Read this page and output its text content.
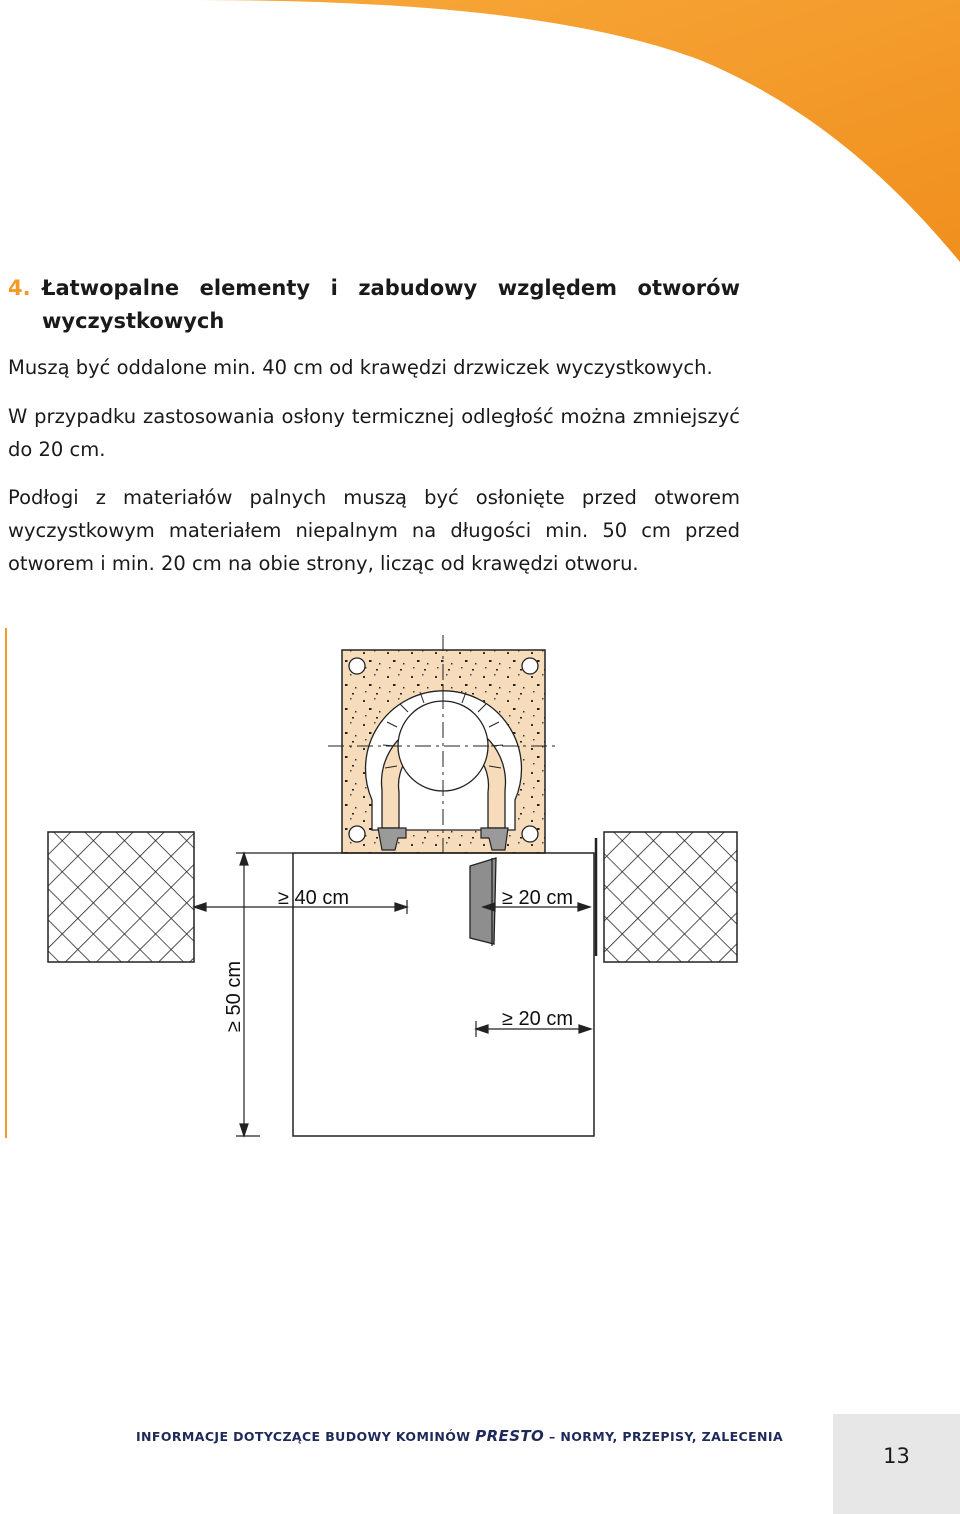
4. Łatwopalne elementy i zabudowy względem otworów wyczystkowych

Muszą być oddalone min. 40 cm od krawędzi drzwiczek wyczystkowych.

W przypadku zastosowania osłony termicznej odległość można zmniejszyć do 20 cm.

Podłogi z materiałów palnych muszą być osłonięte przed otworem wyczystkowym materiałem niepalnym na długości min. 50 cm przed otworem i min. 20 cm na obie strony, licząc od krawędzi otworu.

≥ 40 cm	≥ 20 cm
≥ 20 cm
≥ 50 cm
INFORMACJE DOTYCZĄCE BUDOWY KOMINÓW PRESTO – NORMY, PRZEPISY, ZALECENIA
13
